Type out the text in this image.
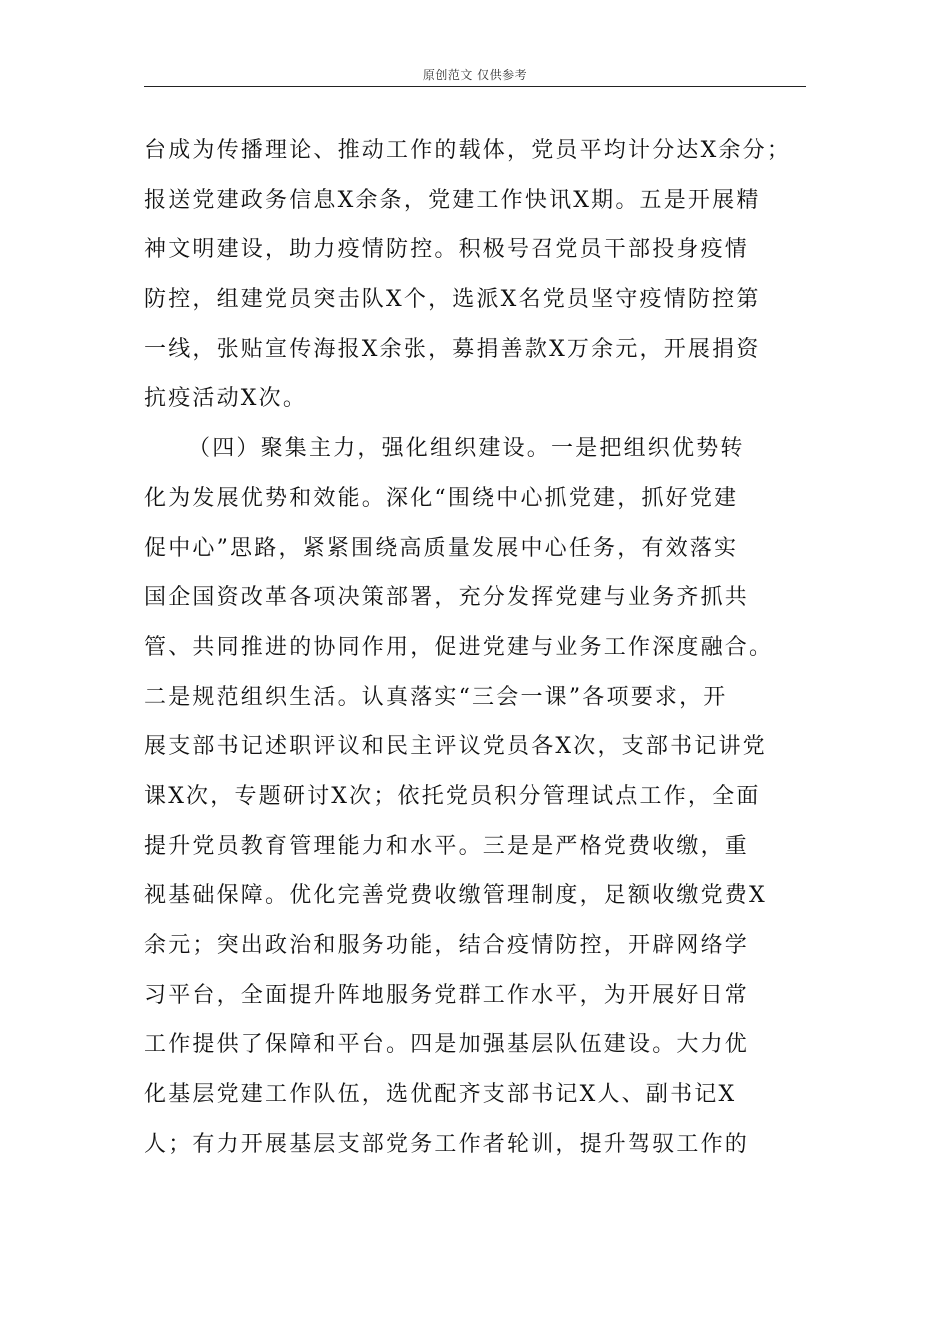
原创范文 仅供参考
台成为传播理论、推动工作的载体，党员平均计分达X余分；
报送党建政务信息X余条，党建工作快讯X期。五是开展精
神文明建设，助力疫情防控。积极号召党员干部投身疫情
防控，组建党员突击队X个，选派X名党员坚守疫情防控第
一线，张贴宣传海报X余张，募捐善款X万余元，开展捐资
抗疫活动X次。
（四）聚集主力，强化组织建设。一是把组织优势转
化为发展优势和效能。深化“围绕中心抓党建，抓好党建
促中心”思路，紧紧围绕高质量发展中心任务，有效落实
国企国资改革各项决策部署，充分发挥党建与业务齐抓共
管、共同推进的协同作用，促进党建与业务工作深度融合。
二是规范组织生活。认真落实“三会一课”各项要求，开
展支部书记述职评议和民主评议党员各X次，支部书记讲党
课X次，专题研讨X次；依托党员积分管理试点工作，全面
提升党员教育管理能力和水平。三是是严格党费收缴，重
视基础保障。优化完善党费收缴管理制度，足额收缴党费X
余元；突出政治和服务功能，结合疫情防控，开辟网络学
习平台，全面提升阵地服务党群工作水平，为开展好日常
工作提供了保障和平台。四是加强基层队伍建设。大力优
化基层党建工作队伍，选优配齐支部书记X人、副书记X
人；有力开展基层支部党务工作者轮训，提升驾驭工作的
